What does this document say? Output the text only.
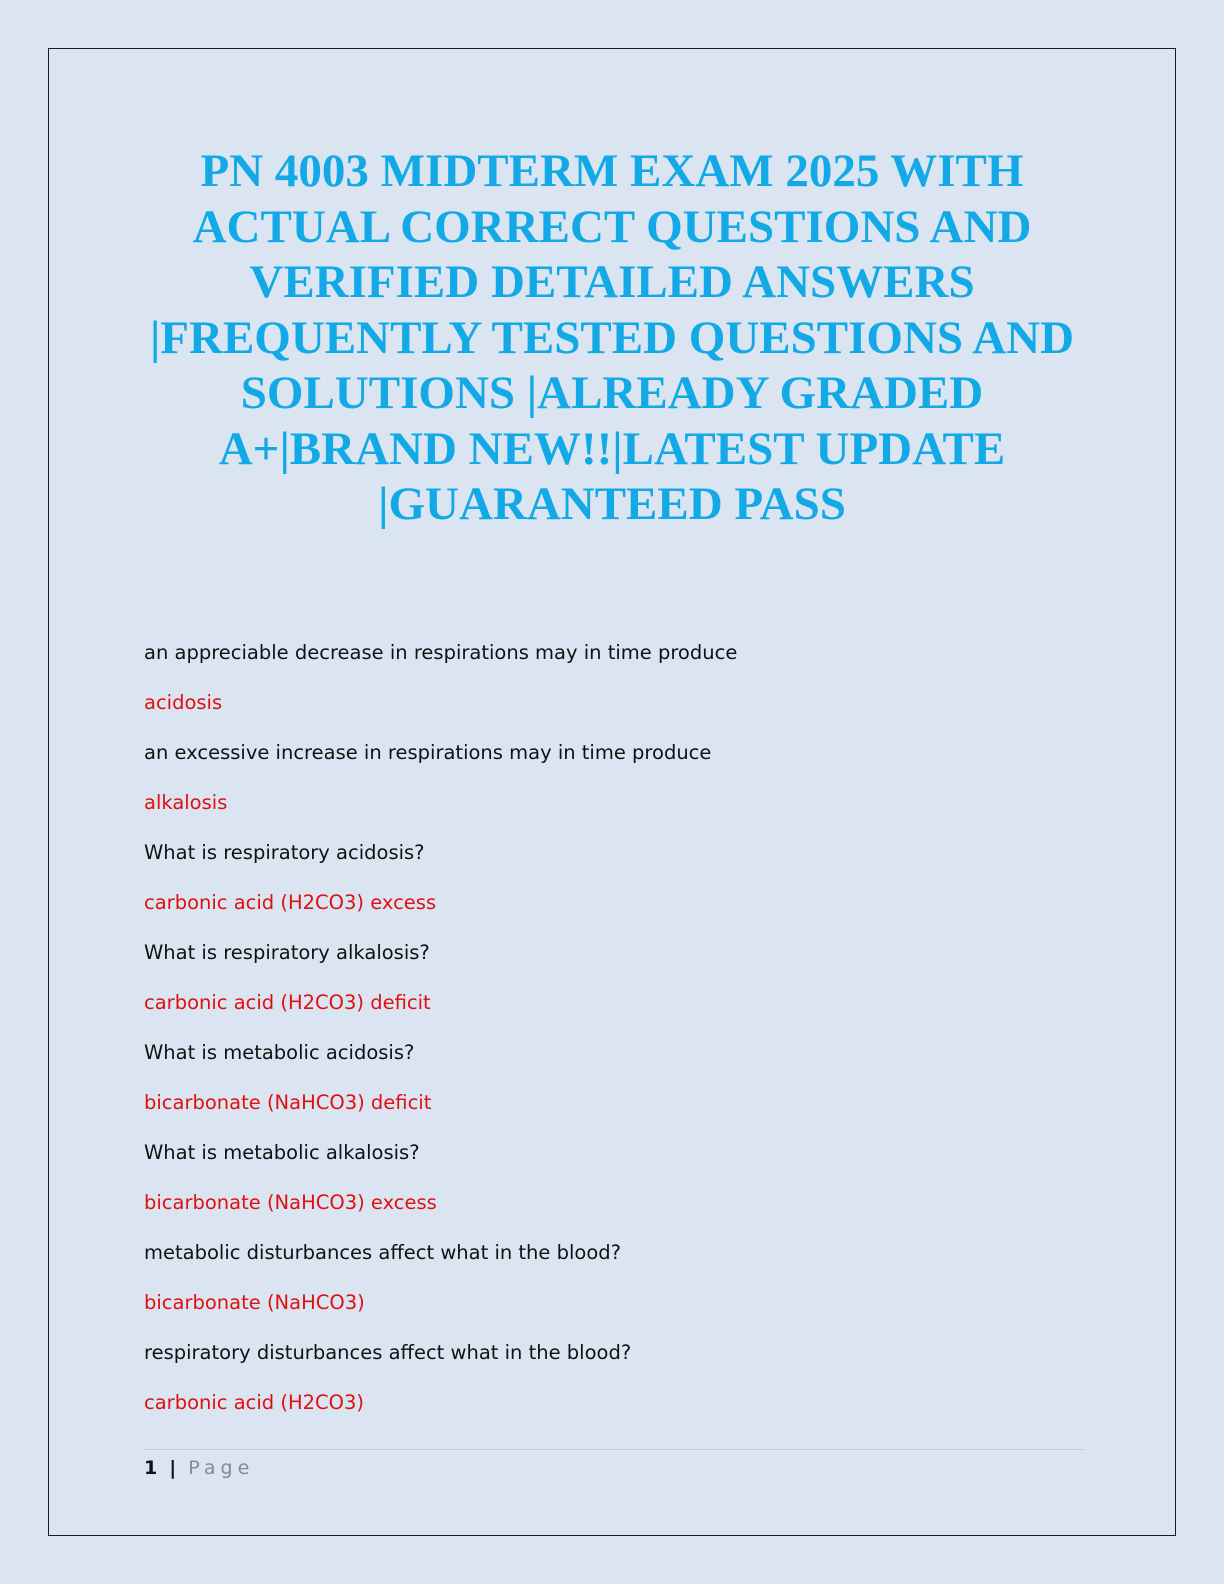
PN 4003 MIDTERM EXAM 2025 WITH
ACTUAL CORRECT QUESTIONS AND
VERIFIED DETAILED ANSWERS
|FREQUENTLY TESTED QUESTIONS AND
SOLUTIONS |ALREADY GRADED
A+|BRAND NEW!!|LATEST UPDATE
|GUARANTEED PASS
an appreciable decrease in respirations may in time produce
acidosis
an excessive increase in respirations may in time produce
alkalosis
What is respiratory acidosis?
carbonic acid (H2CO3) excess
What is respiratory alkalosis?
carbonic acid (H2CO3) deficit
What is metabolic acidosis?
bicarbonate (NaHCO3) deficit
What is metabolic alkalosis?
bicarbonate (NaHCO3) excess
metabolic disturbances affect what in the blood?
bicarbonate (NaHCO3)
respiratory disturbances affect what in the blood?
carbonic acid (H2CO3)
1 | Page
